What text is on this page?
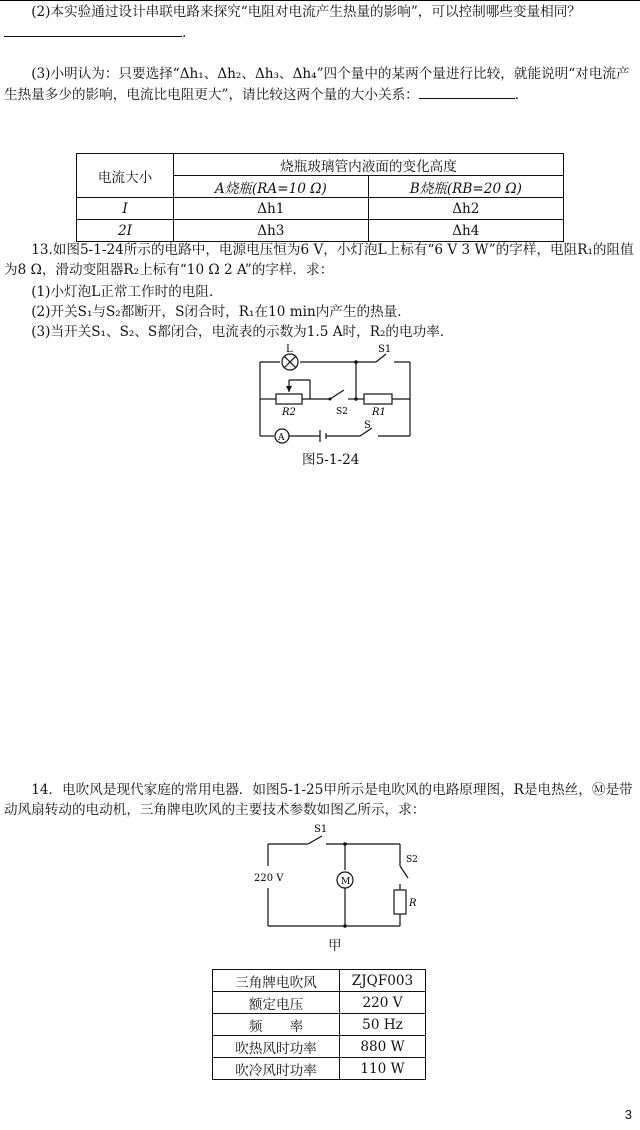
(2)本实验通过设计串联电路来探究“电阻对电流产生热量的影响”，可以控制哪些变量相同？.

(3)小明认为：只要选择“Δh₁、Δh₂、Δh₃、Δh₄”四个量中的某两个量进行比较，就能说明“对电流产生热量多少的影响，电流比电阻更大”，请比较这两个量的大小关系：	.

电流大小	烧瓶玻璃管内液面的变化高度	
	A烧瓶(RA=10 Ω)	B烧瓶(RB=20 Ω)
I	Δh1	Δh2
2I	Δh3	Δh4

13.如图5-1-24所示的电路中，电源电压恒为6 V，小灯泡L上标有“6 V 3 W”的字样，电阻R₁的阻值为8 Ω，滑动变阻器R₂上标有“10 Ω 2 A”的字样．求：

(1)小灯泡L正常工作时的电阻．

(2)开关S₁与S₂都断开，S闭合时，R₁在10 min内产生的热量．

(3)当开关S₁、S₂、S都闭合，电流表的示数为1.5 A时，R₂的电功率．

L	S1
S2
S
R1
R2
A
图5-1-24

14．电吹风是现代家庭的常用电器．如图5-1-25甲所示是电吹风的电路原理图，R是电热丝，Ⓜ是带动风扇转动的电动机，三角牌电吹风的主要技术参数如图乙所示，求：

S1
S2
220 V	M
R
甲
三角牌电吹风	ZJQF003
额定电压	220 V
频　　率	50 Hz
吹热风时功率	880 W
吹冷风时功率	110 W
3
